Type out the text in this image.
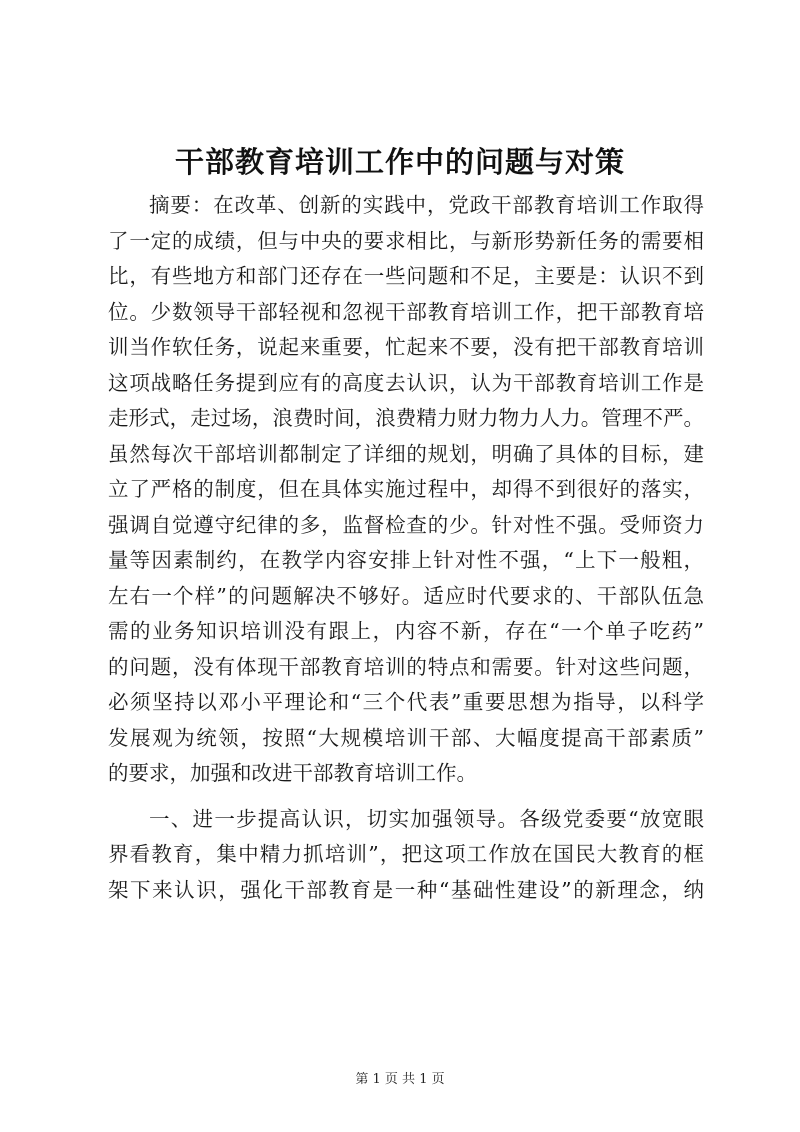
干部教育培训工作中的问题与对策
摘要：在改革、创新的实践中，党政干部教育培训工作取得
了一定的成绩，但与中央的要求相比，与新形势新任务的需要相
比，有些地方和部门还存在一些问题和不足，主要是：认识不到
位。少数领导干部轻视和忽视干部教育培训工作，把干部教育培
训当作软任务，说起来重要，忙起来不要，没有把干部教育培训
这项战略任务提到应有的高度去认识，认为干部教育培训工作是
走形式，走过场，浪费时间，浪费精力财力物力人力。管理不严。
虽然每次干部培训都制定了详细的规划，明确了具体的目标，建
立了严格的制度，但在具体实施过程中，却得不到很好的落实，
强调自觉遵守纪律的多，监督检查的少。针对性不强。受师资力
量等因素制约，在教学内容安排上针对性不强，“上下一般粗，
左右一个样”的问题解决不够好。适应时代要求的、干部队伍急
需的业务知识培训没有跟上，内容不新，存在“一个单子吃药”
的问题，没有体现干部教育培训的特点和需要。针对这些问题，
必须坚持以邓小平理论和“三个代表”重要思想为指导，以科学
发展观为统领，按照“大规模培训干部、大幅度提高干部素质”
的要求，加强和改进干部教育培训工作。
一、进一步提高认识，切实加强领导。各级党委要“放宽眼
界看教育，集中精力抓培训”，把这项工作放在国民大教育的框
架下来认识，强化干部教育是一种“基础性建设”的新理念，纳
第 1 页 共 1 页
